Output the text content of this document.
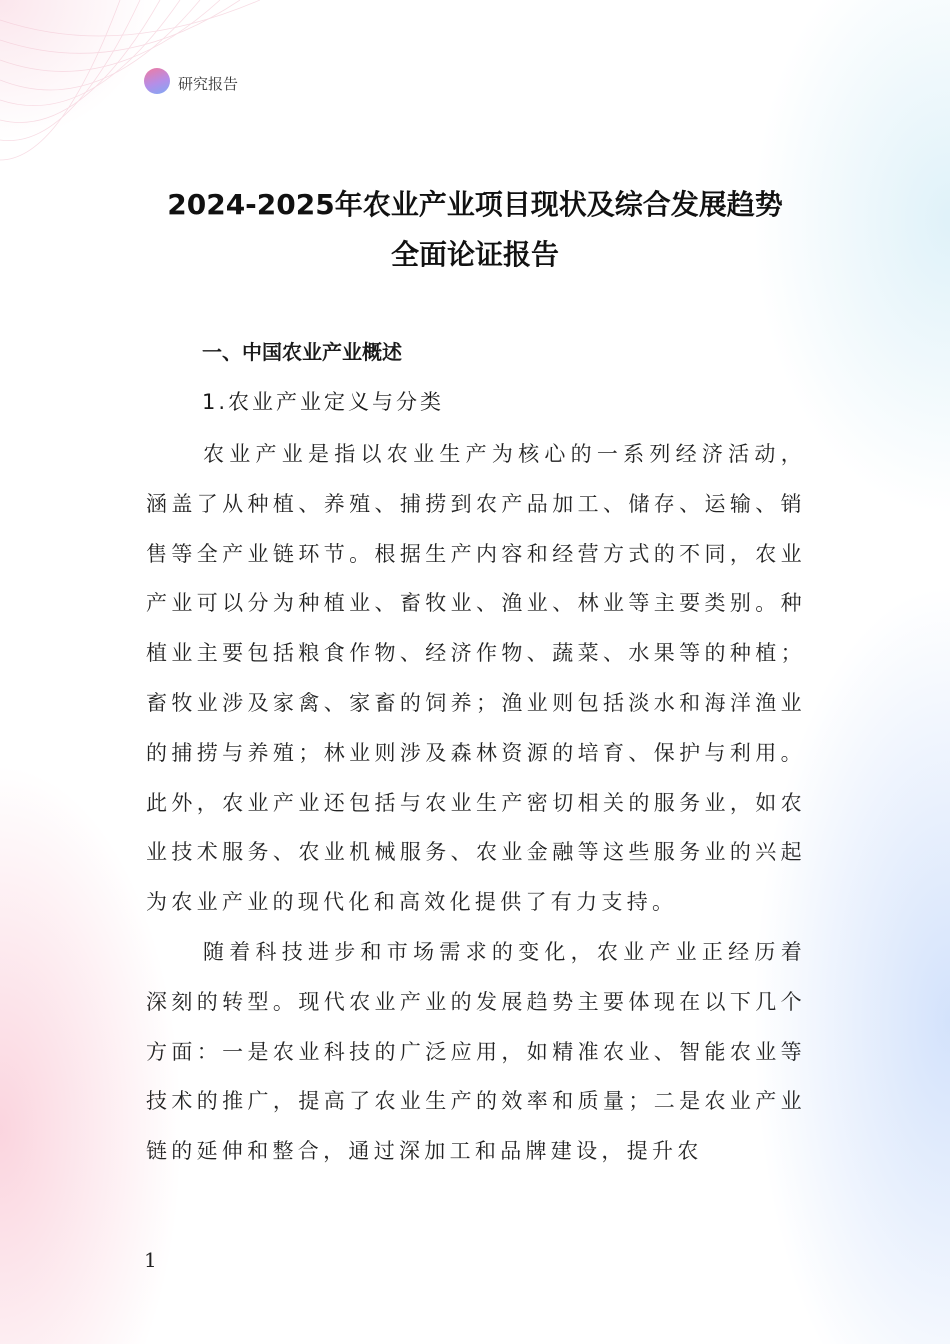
研究报告
2024-2025年农业产业项目现状及综合发展趋势
全面论证报告
一、中国农业产业概述
1.农业产业定义与分类

农业产业是指以农业生产为核心的一系列经济活动，涵盖了从种植、养殖、捕捞到农产品加工、储存、运输、销售等全产业链环节。根据生产内容和经营方式的不同，农业产业可以分为种植业、畜牧业、渔业、林业等主要类别。种植业主要包括粮食作物、经济作物、蔬菜、水果等的种植；畜牧业涉及家禽、家畜的饲养；渔业则包括淡水和海洋渔业的捕捞与养殖；林业则涉及森林资源的培育、保护与利用。此外，农业产业还包括与农业生产密切相关的服务业，如农业技术服务、农业机械服务、农业金融等这些服务业的兴起为农业产业的现代化和高效化提供了有力支持。

随着科技进步和市场需求的变化，农业产业正经历着深刻的转型。现代农业产业的发展趋势主要体现在以下几个方面：一是农业科技的广泛应用，如精准农业、智能农业等技术的推广，提高了农业生产的效率和质量；二是农业产业链的延伸和整合，通过深加工和品牌建设，提升农

1
